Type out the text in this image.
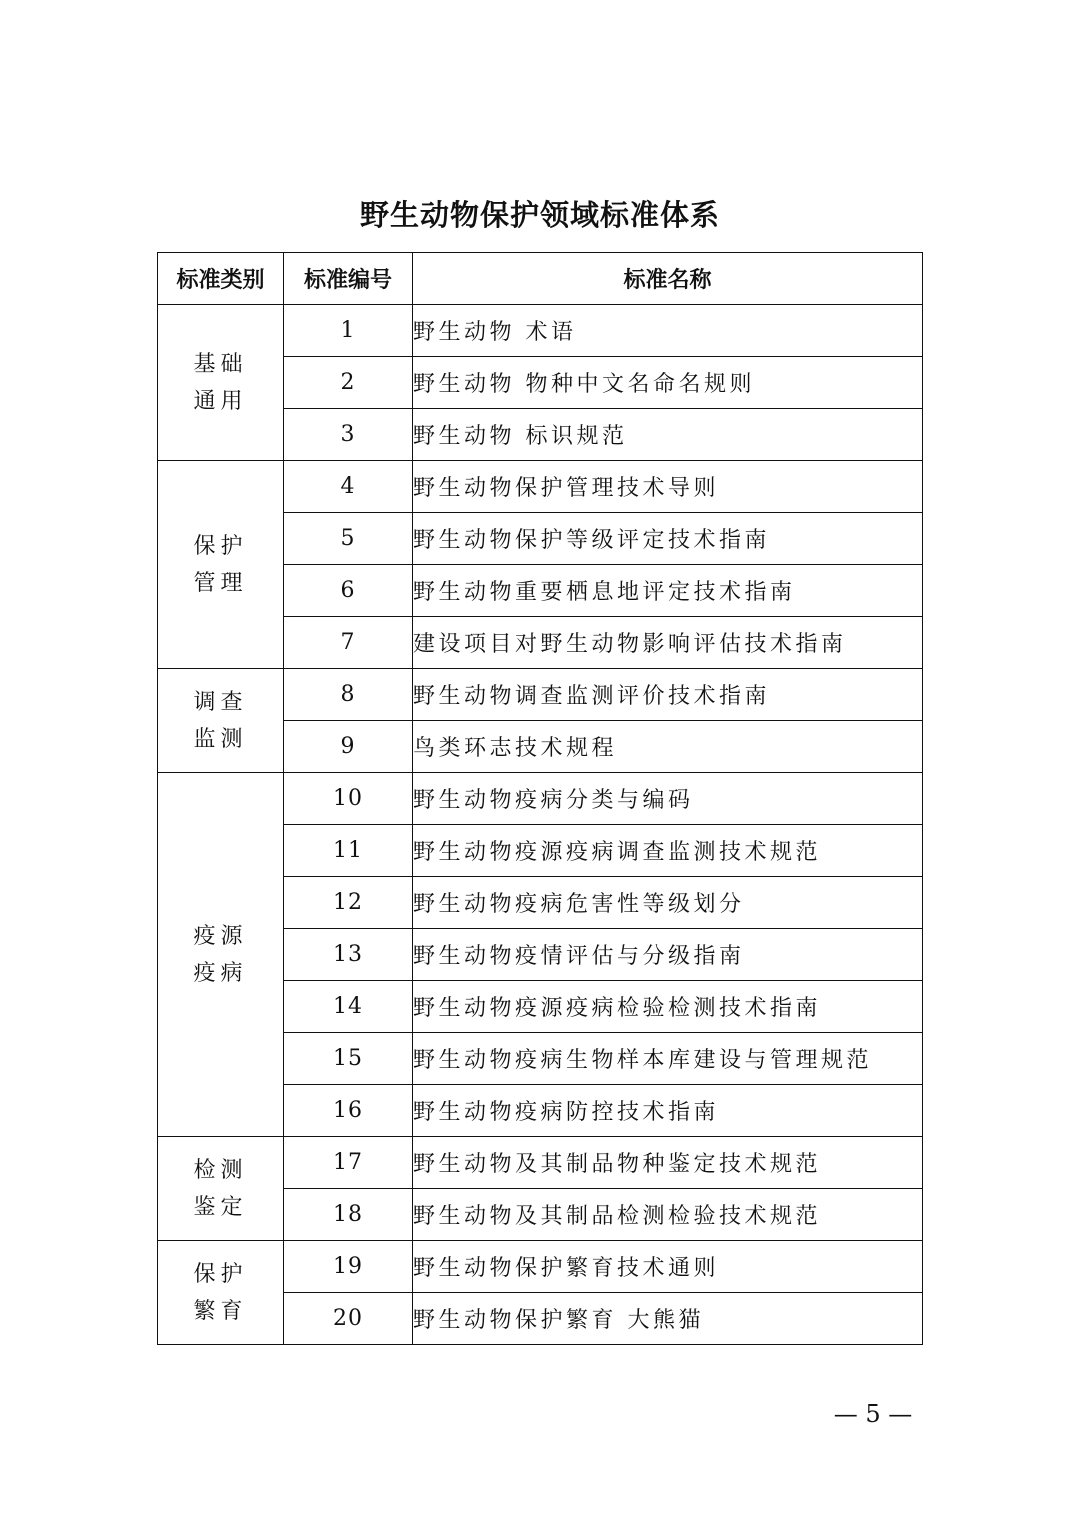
野生动物保护领域标准体系
标准类别	标准编号	标准名称

基础
通用	1	野生动物 术语
	2	野生动物 物种中文名命名规则
	3	野生动物 标识规范

保护
管理	4	野生动物保护管理技术导则
	5	野生动物保护等级评定技术指南
	6	野生动物重要栖息地评定技术指南
	7	建设项目对野生动物影响评估技术指南

调查
监测	8	野生动物调查监测评价技术指南
	9	鸟类环志技术规程

疫源
疫病	10	野生动物疫病分类与编码
	11	野生动物疫源疫病调查监测技术规范
	12	野生动物疫病危害性等级划分
	13	野生动物疫情评估与分级指南
	14	野生动物疫源疫病检验检测技术指南
	15	野生动物疫病生物样本库建设与管理规范
	16	野生动物疫病防控技术指南

检测
鉴定	17	野生动物及其制品物种鉴定技术规范
	18	野生动物及其制品检测检验技术规范

保护
繁育	19	野生动物保护繁育技术通则
	20	野生动物保护繁育 大熊猫
— 5 —
